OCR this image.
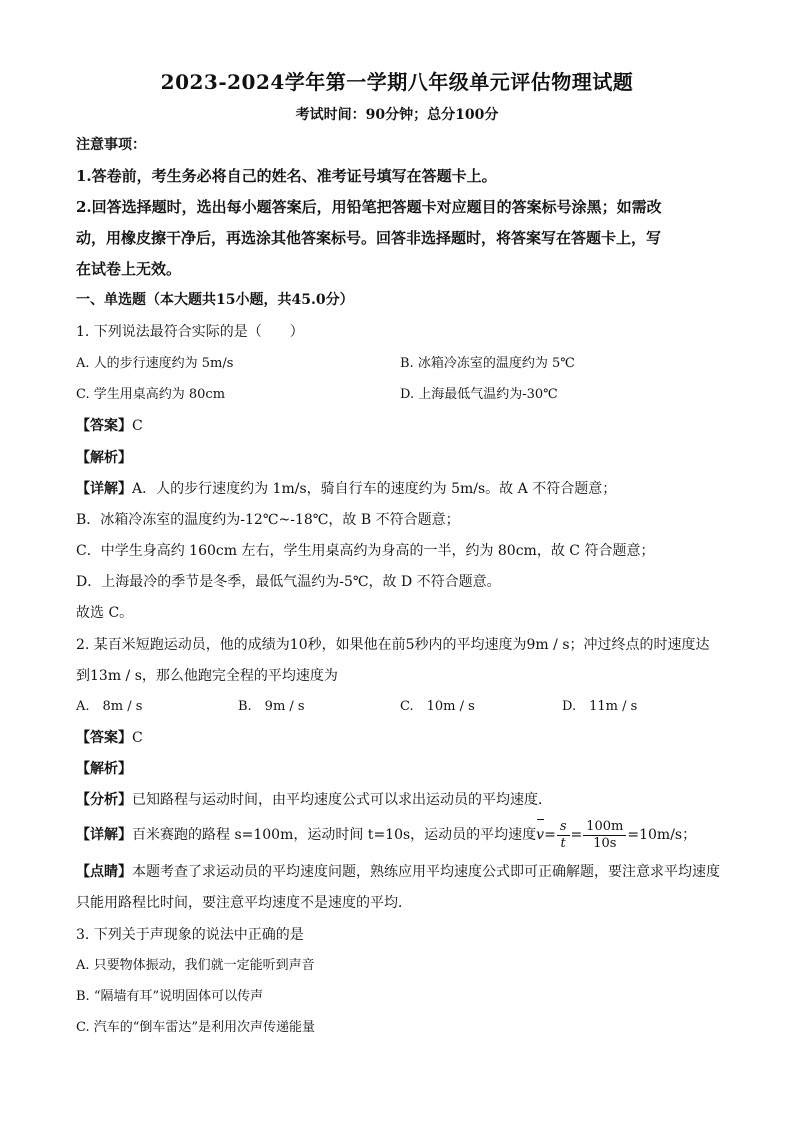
2023-2024学年第一学期八年级单元评估物理试题
考试时间：90分钟；总分100分
注意事项：
1.答卷前，考生务必将自己的姓名、准考证号填写在答题卡上。
2.回答选择题时，选出每小题答案后，用铅笔把答题卡对应题目的答案标号涂黑；如需改
动，用橡皮擦干净后，再选涂其他答案标号。回答非选择题时，将答案写在答题卡上，写
在试卷上无效。
一、单选题（本大题共15小题，共45.0分）
1. 下列说法最符合实际的是（　　）
A. 人的步行速度约为 5m/s	B. 冰箱冷冻室的温度约为 5℃
C. 学生用桌高约为 80cm	D. 上海最低气温约为-30℃
【答案】C
【解析】
【详解】A．人的步行速度约为 1m/s，骑自行车的速度约为 5m/s。故 A 不符合题意；
B．冰箱冷冻室的温度约为-12℃~-18℃，故 B 不符合题意；
C．中学生身高约 160cm 左右，学生用桌高约为身高的一半，约为 80cm，故 C 符合题意；
D．上海最冷的季节是冬季，最低气温约为-5℃，故 D 不符合题意。
故选 C。
2. 某百米短跑运动员，他的成绩为10秒，如果他在前5秒内的平均速度为9m / s；冲过终点的时速度达
到13m / s，那么他跑完全程的平均速度为
A.　8m / s	B.　9m / s	C.　10m / s	D.　11m / s
【答案】C
【解析】
【分析】已知路程与运动时间，由平均速度公式可以求出运动员的平均速度．
【详解】百米赛跑的路程 s=100m，运动时间 t=10s，运动员的平均速度$v= \frac{s}{t} = \frac{100m}{10s} =10m/s$；
【点睛】本题考查了求运动员的平均速度问题，熟练应用平均速度公式即可正确解题，要注意求平均速度
只能用路程比时间，要注意平均速度不是速度的平均．
3. 下列关于声现象的说法中正确的是
A. 只要物体振动，我们就一定能听到声音
B. “隔墙有耳”说明固体可以传声
C. 汽车的“倒车雷达”是利用次声传递能量
